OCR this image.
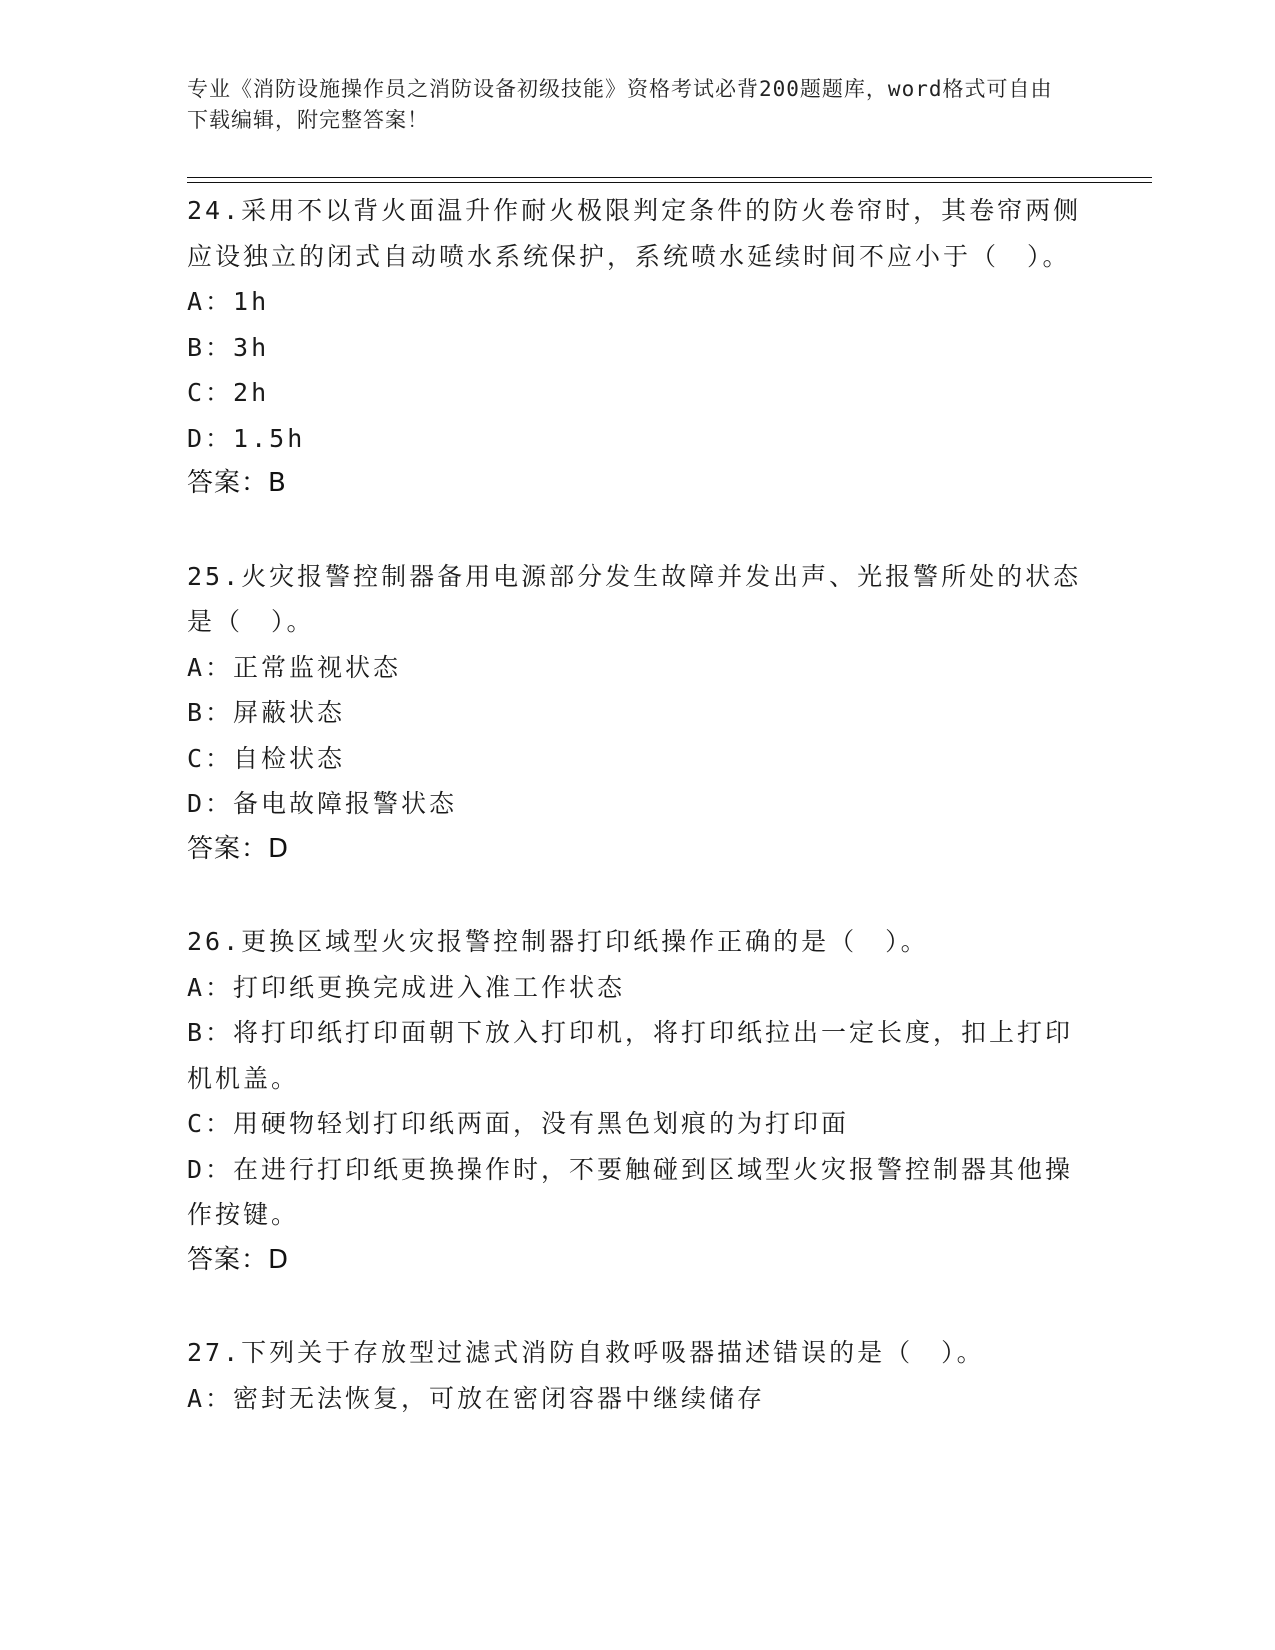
专业《消防设施操作员之消防设备初级技能》资格考试必背200题题库，word格式可自由下载编辑，附完整答案！

24.采用不以背火面温升作耐火极限判定条件的防火卷帘时，其卷帘两侧应设独立的闭式自动喷水系统保护，系统喷水延续时间不应小于（　）。

A：1h

B：3h

C：2h

D：1.5h

答案：B

25.火灾报警控制器备用电源部分发生故障并发出声、光报警所处的状态是（　）。

A：正常监视状态

B：屏蔽状态

C：自检状态

D：备电故障报警状态

答案：D

26.更换区域型火灾报警控制器打印纸操作正确的是（　）。

A：打印纸更换完成进入准工作状态

B：将打印纸打印面朝下放入打印机，将打印纸拉出一定长度，扣上打印机机盖。

C：用硬物轻划打印纸两面，没有黑色划痕的为打印面

D：在进行打印纸更换操作时，不要触碰到区域型火灾报警控制器其他操作按键。

答案：D

27.下列关于存放型过滤式消防自救呼吸器描述错误的是（　）。

A：密封无法恢复，可放在密闭容器中继续储存
